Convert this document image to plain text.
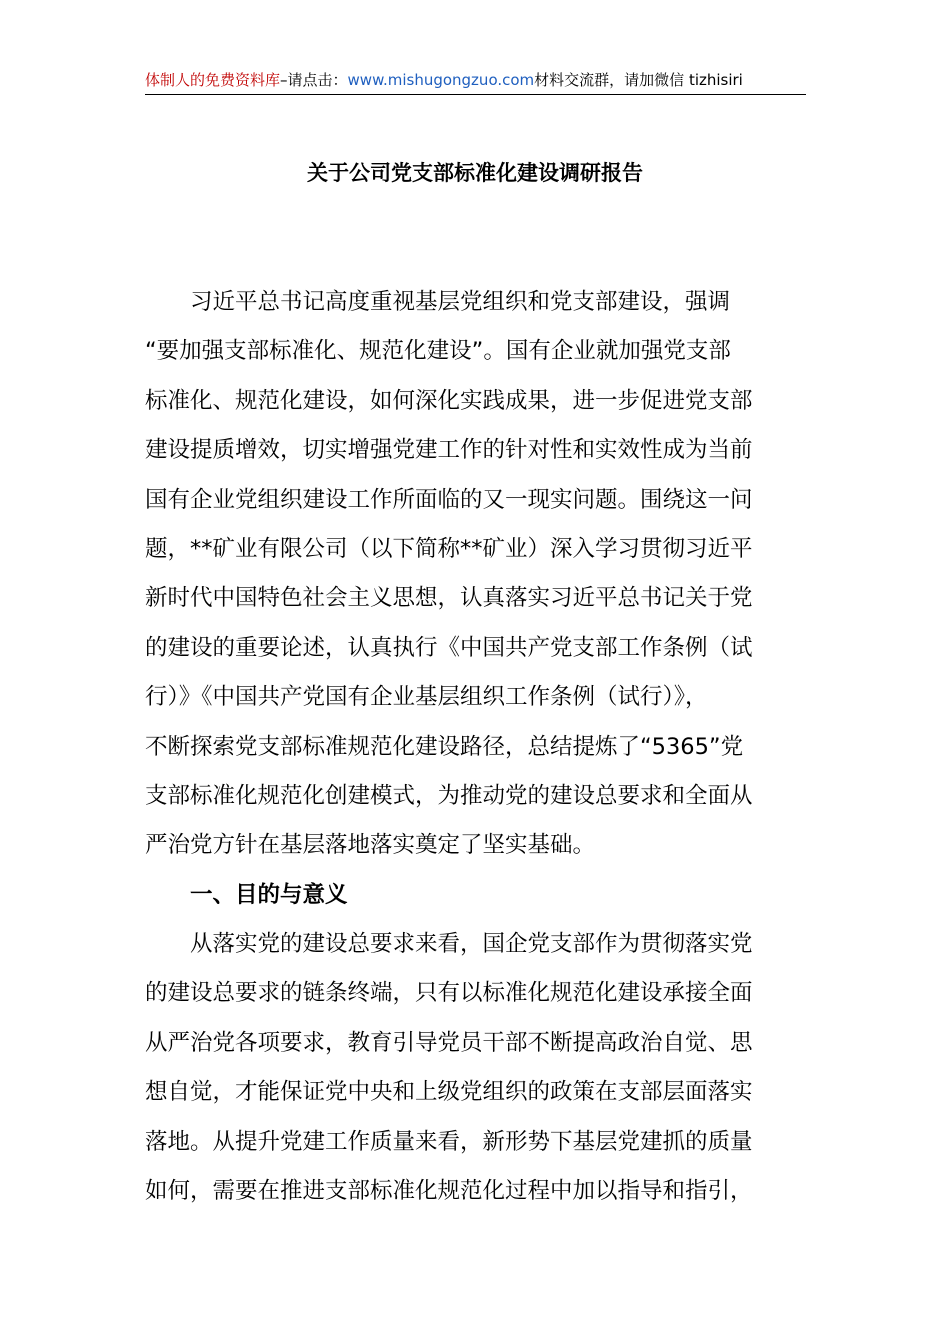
体制人的免费资料库–请点击：www.mishugongzuo.com材料交流群，请加微信 tizhisiri
关于公司党支部标准化建设调研报告
习近平总书记高度重视基层党组织和党支部建设，强调
“要加强支部标准化、规范化建设”。国有企业就加强党支部
标准化、规范化建设，如何深化实践成果，进一步促进党支部
建设提质增效，切实增强党建工作的针对性和实效性成为当前
国有企业党组织建设工作所面临的又一现实问题。围绕这一问
题，**矿业有限公司（以下简称**矿业）深入学习贯彻习近平
新时代中国特色社会主义思想，认真落实习近平总书记关于党
的建设的重要论述，认真执行《中国共产党支部工作条例（试
行）》《中国共产党国有企业基层组织工作条例（试行）》，
不断探索党支部标准规范化建设路径，总结提炼了“5365”党
支部标准化规范化创建模式，为推动党的建设总要求和全面从
严治党方针在基层落地落实奠定了坚实基础。
一、目的与意义
从落实党的建设总要求来看，国企党支部作为贯彻落实党
的建设总要求的链条终端，只有以标准化规范化建设承接全面
从严治党各项要求，教育引导党员干部不断提高政治自觉、思
想自觉，才能保证党中央和上级党组织的政策在支部层面落实
落地。从提升党建工作质量来看，新形势下基层党建抓的质量
如何，需要在推进支部标准化规范化过程中加以指导和指引，
